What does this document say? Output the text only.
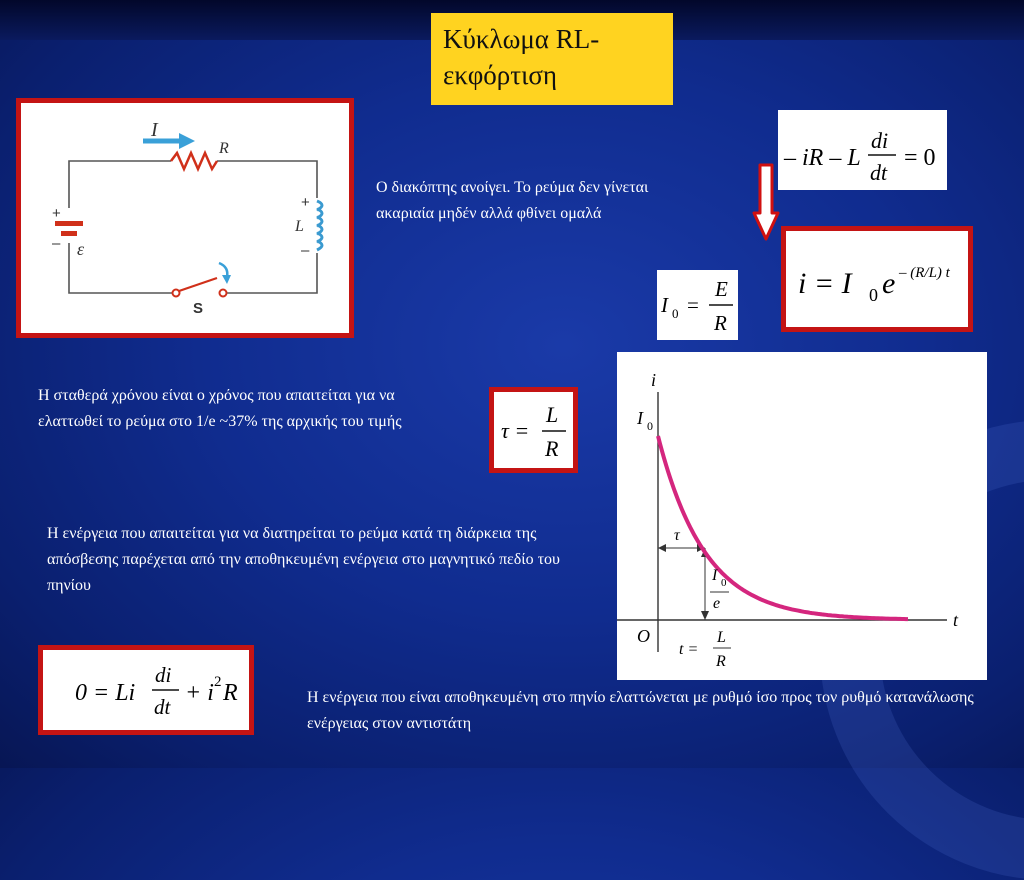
Κύκλωμα RL-
εκφόρτιση
I
R
L
+
–
+
– ε
S

Ο διακόπτης ανοίγει. Το ρεύμα δεν γίνεται ακαριαία μηδέν αλλά φθίνει ομαλά

– iR – L
di
dt
= 0
i = I 0 e – (R/L) t
I 0 =
E
R
i
t
O
I 0
τ
I 0
e
t =
L
R

Η σταθερά χρόνου είναι ο χρόνος που απαιτείται για να ελαττωθεί το ρεύμα στο 1/e ~37% της αρχικής του τιμής	τ =
L
R

Η ενέργεια που απαιτείται για να διατηρείται το ρεύμα κατά τη διάρκεια της απόσβεσης παρέχεται από την αποθηκευμένη ενέργεια στο μαγνητικό πεδίο του πηνίου

0 = Li
di
dt
+ i 2 R	Η ενέργεια που είναι αποθηκευμένη στο πηνίο ελαττώνεται με ρυθμό ίσο προς τον ρυθμό κατανάλωσης ενέργειας στον αντιστάτη
